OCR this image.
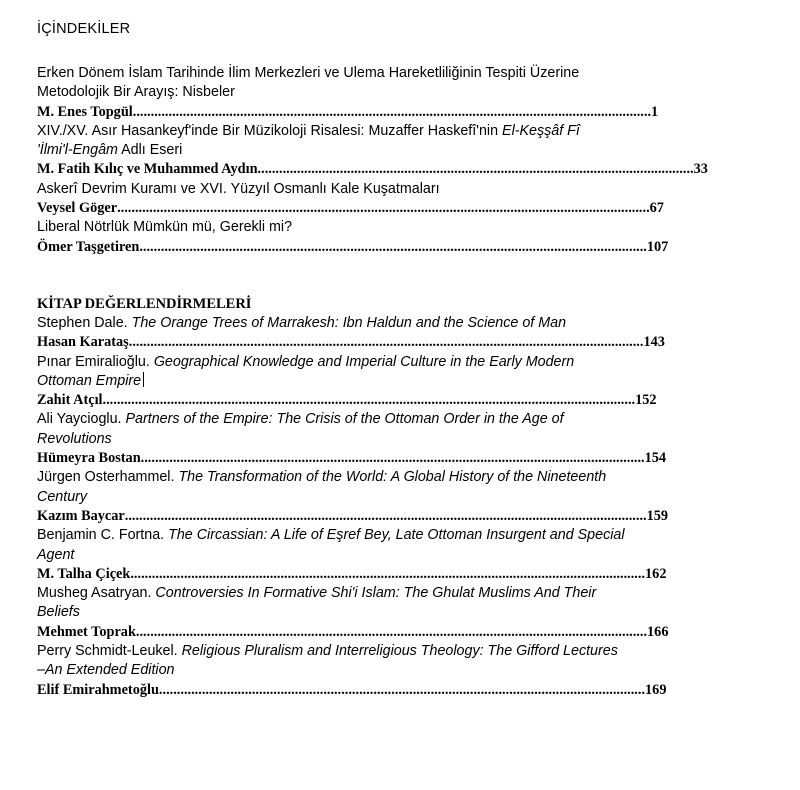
İÇİNDEKİLER
Erken Dönem İslam Tarihinde İlim Merkezleri ve Ulema Hareketliliğinin Tespiti Üzerine
Metodolojik Bir Arayış: Nisbeler
M. Enes Topgül ................................................................................................................................................. 1
XIV./XV. Asır Hasankeyf'inde Bir Müzikoloji Risalesi: Muzaffer Haskefî'nin El-Keşşâf Fî
'İlmi'l-Engâm Adlı Eseri
M. Fatih Kılıç ve Muhammed Aydın .......................................................................................................................... 33
Askerî Devrim Kuramı ve XVI. Yüzyıl Osmanlı Kale Kuşatmaları
Veysel Göger ..................................................................................................................................................... 67
Liberal Nötrlük Mümkün mü, Gerekli mi?
Ömer Taşgetiren .............................................................................................................................................. 107
KİTAP DEĞERLENDİRMELERİ
Stephen Dale. The Orange Trees of Marrakesh: Ibn Haldun and the Science of Man
Hasan Karataş ................................................................................................................................................ 143
Pınar Emiralioğlu. Geographical Knowledge and Imperial Culture in the Early Modern
Ottoman Empire
Zahit Atçıl ..................................................................................................................................................... 152
Ali Yaycioglu. Partners of the Empire: The Crisis of the Ottoman Order in the Age of
Revolutions
Hümeyra Bostan ............................................................................................................................................. 154
Jürgen Osterhammel. The Transformation of the World: A Global History of the Nineteenth
Century
Kazım Baycar .................................................................................................................................................. 159
Benjamin C. Fortna. The Circassian: A Life of Eşref Bey, Late Ottoman Insurgent and Special
Agent
M. Talha Çiçek ................................................................................................................................................ 162
Musheg Asatryan. Controversies In Formative Shi'i Islam: The Ghulat Muslims And Their
Beliefs
Mehmet Toprak ............................................................................................................................................... 166
Perry Schmidt-Leukel. Religious Pluralism and Interreligious Theology: The Gifford Lectures
–An Extended Edition
Elif Emirahmetoğlu ........................................................................................................................................ 169
